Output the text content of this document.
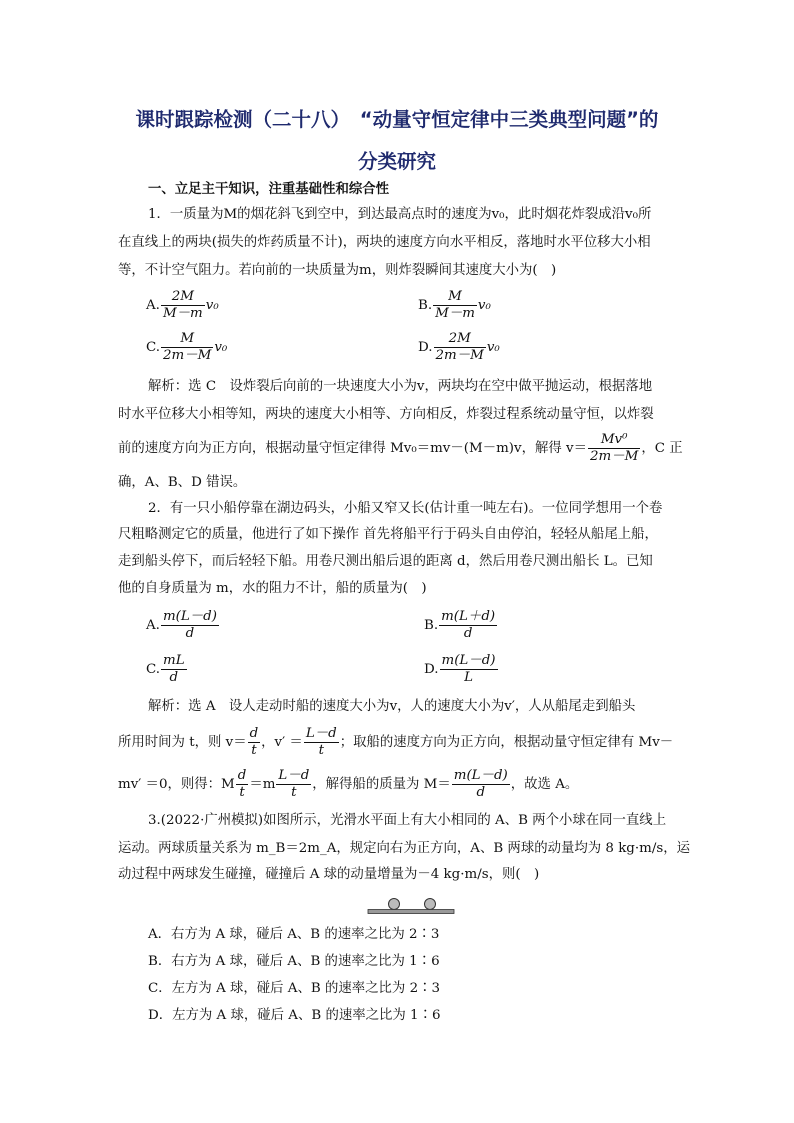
课时跟踪检测（二十八）　“动量守恒定律中三类典型问题”的
分类研究
一、立足主干知识，注重基础性和综合性
1．一质量为M的烟花斜飞到空中，到达最高点时的速度为v₀，此时烟花炸裂成沿v₀所
在直线上的两块(损失的炸药质量不计)，两块的速度方向水平相反，落地时水平位移大小相
等，不计空气阻力。若向前的一块质量为m，则炸裂瞬间其速度大小为(　)
A. $\frac{2M}{M-m} v_0$	B. $\frac{M}{M-m} v_0$
C. $\frac{M}{2m-M} v_0$	D. $\frac{2M}{2m-M} v_0$
解析：选 C　设炸裂后向前的一块速度大小为v，两块均在空中做平抛运动，根据落地
时水平位移大小相等知，两块的速度大小相等、方向相反，炸裂过程系统动量守恒，以炸裂
前的速度方向为正方向，根据动量守恒定律得 Mv₀＝mv－(M－m)v，解得 $v= \frac{\text{Mv⁰}}{2m-M}$ ，C 正
确，A、B、D 错误。
2．有一只小船停靠在湖边码头，小船又窄又长(估计重一吨左右)。一位同学想用一个卷
尺粗略测定它的质量，他进行了如下操作 首先将船平行于码头自由停泊，轻轻从船尾上船，
走到船头停下，而后轻轻下船。用卷尺测出船后退的距离 d，然后用卷尺测出船长 L。已知
他的自身质量为 m，水的阻力不计，船的质量为(　)
A. $\frac{m(L-d)}{d}$	B. $\frac{m(L+d)}{d}$
C. $\frac{mL}{d}$	D. $\frac{m(L-d)}{L}$
解析：选 A　设人走动时船的速度大小为v，人的速度大小为v′，人从船尾走到船头
所用时间为 t，则 $v= \frac{d}{t}$ ，$v' = \frac{L-d}{t}$ ；取船的速度方向为正方向，根据动量守恒定律有 Mv－
mv′ ＝0，则得：M $\frac{d}{t} =m \frac{L-d}{t}$ ，解得船的质量为 $M= \frac{m(L-d)}{d}$ ，故选 A。
3.(2022·广州模拟)如图所示，光滑水平面上有大小相同的 A、B 两个小球在同一直线上
运动。两球质量关系为 m_B＝2m_A，规定向右为正方向，A、B 两球的动量均为 8 kg·m/s，运
动过程中两球发生碰撞，碰撞后 A 球的动量增量为－4 kg·m/s，则(　)
A．右方为 A 球，碰后 A、B 的速率之比为 2∶3
B．右方为 A 球，碰后 A、B 的速率之比为 1∶6
C．左方为 A 球，碰后 A、B 的速率之比为 2∶3
D．左方为 A 球，碰后 A、B 的速率之比为 1∶6
